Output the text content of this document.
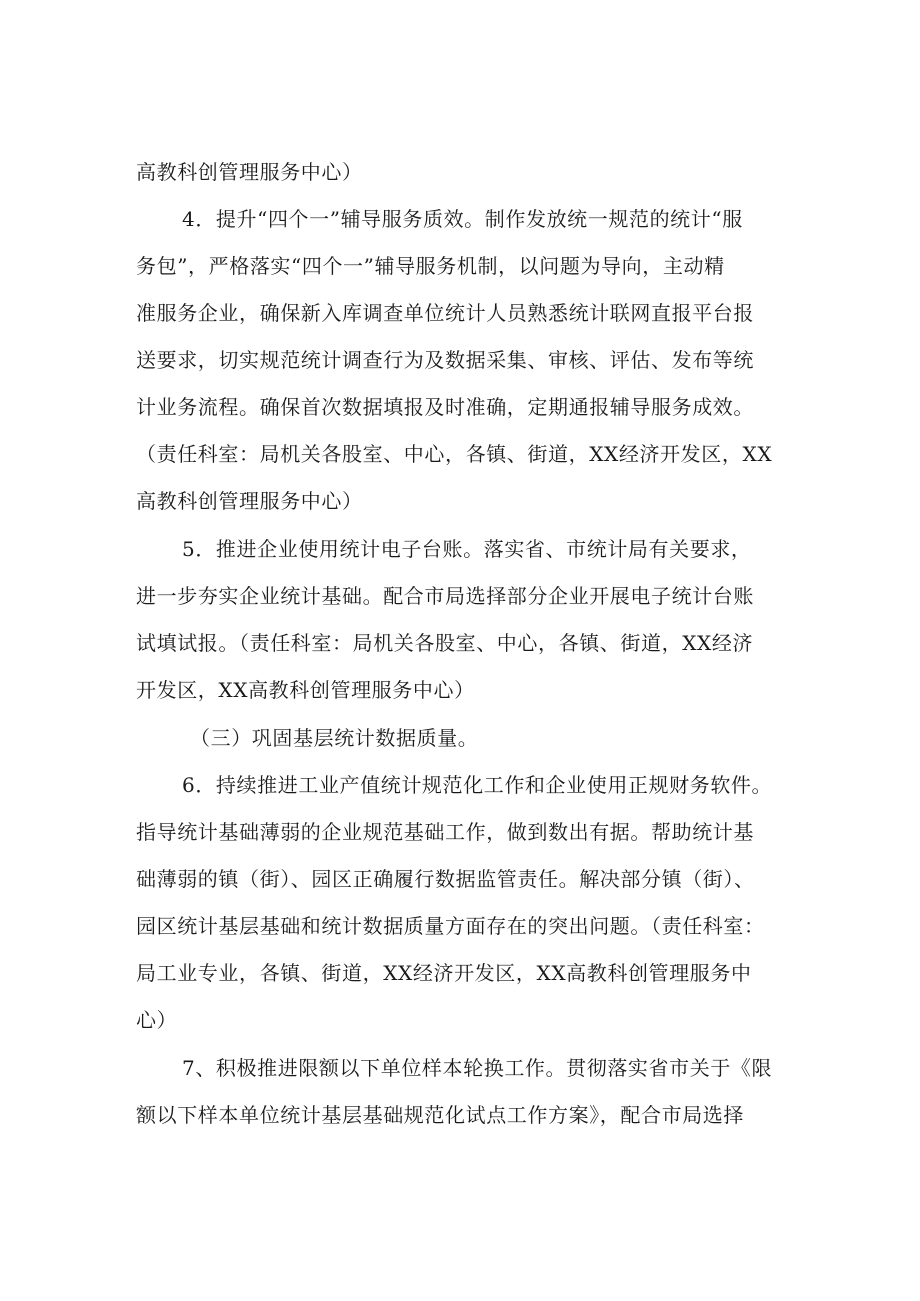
高教科创管理服务中心）
4．提升“四个一”辅导服务质效。制作发放统一规范的统计“服
务包”，严格落实“四个一”辅导服务机制，以问题为导向，主动精
准服务企业，确保新入库调查单位统计人员熟悉统计联网直报平台报
送要求，切实规范统计调查行为及数据采集、审核、评估、发布等统
计业务流程。确保首次数据填报及时准确，定期通报辅导服务成效。
（责任科室：局机关各股室、中心，各镇、街道，XX经济开发区，XX
高教科创管理服务中心）
5．推进企业使用统计电子台账。落实省、市统计局有关要求，
进一步夯实企业统计基础。配合市局选择部分企业开展电子统计台账
试填试报。（责任科室：局机关各股室、中心，各镇、街道，XX经济
开发区，XX高教科创管理服务中心）
（三）巩固基层统计数据质量。
6．持续推进工业产值统计规范化工作和企业使用正规财务软件。
指导统计基础薄弱的企业规范基础工作，做到数出有据。帮助统计基
础薄弱的镇（街）、园区正确履行数据监管责任。解决部分镇（街）、
园区统计基层基础和统计数据质量方面存在的突出问题。（责任科室：
局工业专业，各镇、街道，XX经济开发区，XX高教科创管理服务中
心）
7、积极推进限额以下单位样本轮换工作。贯彻落实省市关于《限
额以下样本单位统计基层基础规范化试点工作方案》，配合市局选择
